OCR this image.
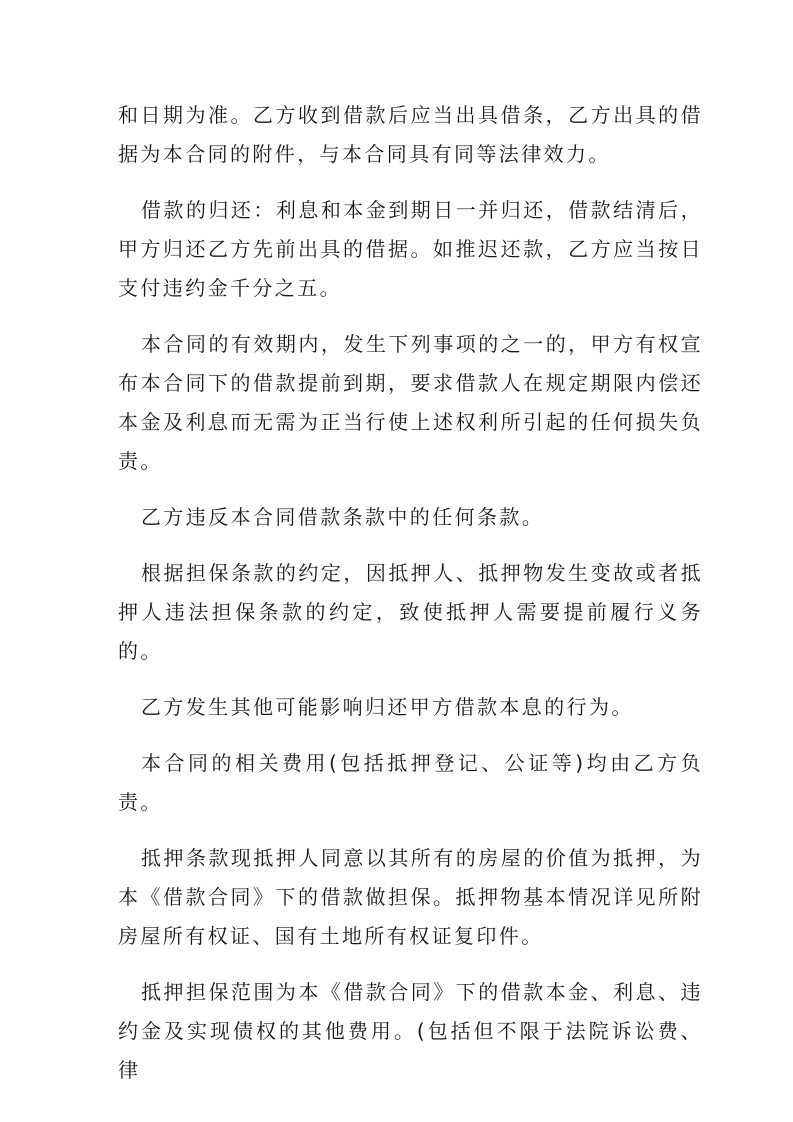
和日期为准。乙方收到借款后应当出具借条，乙方出具的借据为本合同的附件，与本合同具有同等法律效力。

借款的归还：利息和本金到期日一并归还，借款结清后，甲方归还乙方先前出具的借据。如推迟还款，乙方应当按日支付违约金千分之五。

本合同的有效期内，发生下列事项的之一的，甲方有权宣布本合同下的借款提前到期，要求借款人在规定期限内偿还本金及利息而无需为正当行使上述权利所引起的任何损失负责。

乙方违反本合同借款条款中的任何条款。

根据担保条款的约定，因抵押人、抵押物发生变故或者抵押人违法担保条款的约定，致使抵押人需要提前履行义务的。

乙方发生其他可能影响归还甲方借款本息的行为。

本合同的相关费用(包括抵押登记、公证等)均由乙方负责。

抵押条款现抵押人同意以其所有的房屋的价值为抵押，为本《借款合同》下的借款做担保。抵押物基本情况详见所附房屋所有权证、国有土地所有权证复印件。

抵押担保范围为本《借款合同》下的借款本金、利息、违约金及实现债权的其他费用。(包括但不限于法院诉讼费、律
